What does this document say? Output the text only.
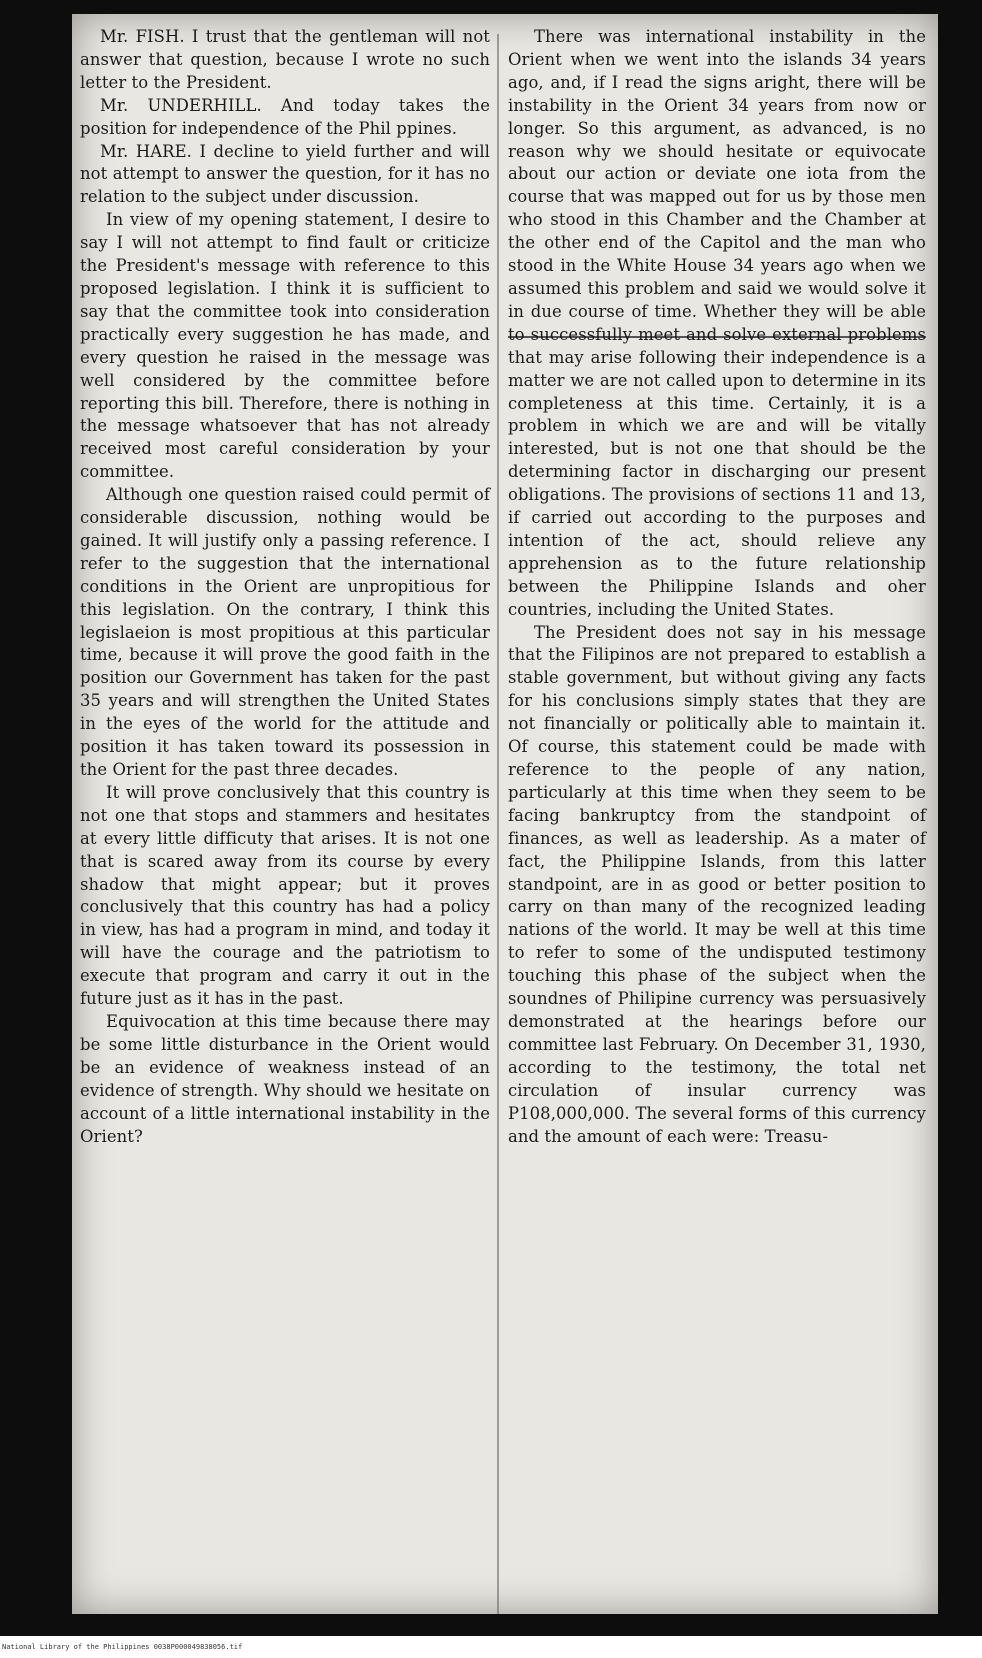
Mr. FISH. I trust that the gentleman will not answer that question, because I wrote no such letter to the President.

Mr. UNDERHILL. And today takes the position for independence of the Phil ppines.

Mr. HARE. I decline to yield further and will not attempt to answer the question, for it has no relation to the subject under discussion.

In view of my opening statement, I desire to say I will not attempt to find fault or criticize the President's message with reference to this proposed legislation. I think it is sufficient to say that the committee took into consideration practically every suggestion he has made, and every question he raised in the message was well considered by the committee before reporting this bill. Therefore, there is nothing in the message whatsoever that has not already received most careful consideration by your committee.

Although one question raised could permit of considerable discussion, nothing would be gained. It will justify only a passing reference. I refer to the suggestion that the international conditions in the Orient are unpropitious for this legislation. On the contrary, I think this legislaeion is most propitious at this particular time, because it will prove the good faith in the position our Government has taken for the past 35 years and will strengthen the United States in the eyes of the world for the attitude and position it has taken toward its possession in the Orient for the past three decades.

It will prove conclusively that this country is not one that stops and stammers and hesitates at every little difficuty that arises. It is not one that is scared away from its course by every shadow that might appear; but it proves conclusively that this country has had a policy in view, has had a program in mind, and today it will have the courage and the patriotism to execute that program and carry it out in the future just as it has in the past.

Equivocation at this time because there may be some little disturbance in the Orient would be an evidence of weakness instead of an evidence of strength. Why should we hesitate on account of a little international instability in the Orient?

There was international instability in the Orient when we went into the islands 34 years ago, and, if I read the signs aright, there will be instability in the Orient 34 years from now or longer. So this argument, as advanced, is no reason why we should hesitate or equivocate about our action or deviate one iota from the course that was mapped out for us by those men who stood in this Chamber and the Chamber at the other end of the Capitol and the man who stood in the White House 34 years ago when we assumed this problem and said we would solve it in due course of time. Whether they will be able to successfully meet and solve external problems that may arise following their independence is a matter we are not called upon to determine in its completeness at this time. Certainly, it is a problem in which we are and will be vitally interested, but is not one that should be the determining factor in discharging our present obligations. The provisions of sections 11 and 13, if carried out according to the purposes and intention of the act, should relieve any apprehension as to the future relationship between the Philippine Islands and oher countries, including the United States.

The President does not say in his message that the Filipinos are not prepared to establish a stable government, but without giving any facts for his conclusions simply states that they are not financially or politically able to maintain it. Of course, this statement could be made with reference to the people of any nation, particularly at this time when they seem to be facing bankruptcy from the standpoint of finances, as well as leadership. As a mater of fact, the Philippine Islands, from this latter standpoint, are in as good or better position to carry on than many of the recognized leading nations of the world. It may be well at this time to refer to some of the undisputed testimony touching this phase of the subject when the soundnes of Philipine currency was persuasively demonstrated at the hearings before our committee last February. On December 31, 1930, according to the testimony, the total net circulation of insular currency was P108,000,000. The several forms of this currency and the amount of each were: Treasu-

National Library of the Philippines 0038P000049838056.tif
